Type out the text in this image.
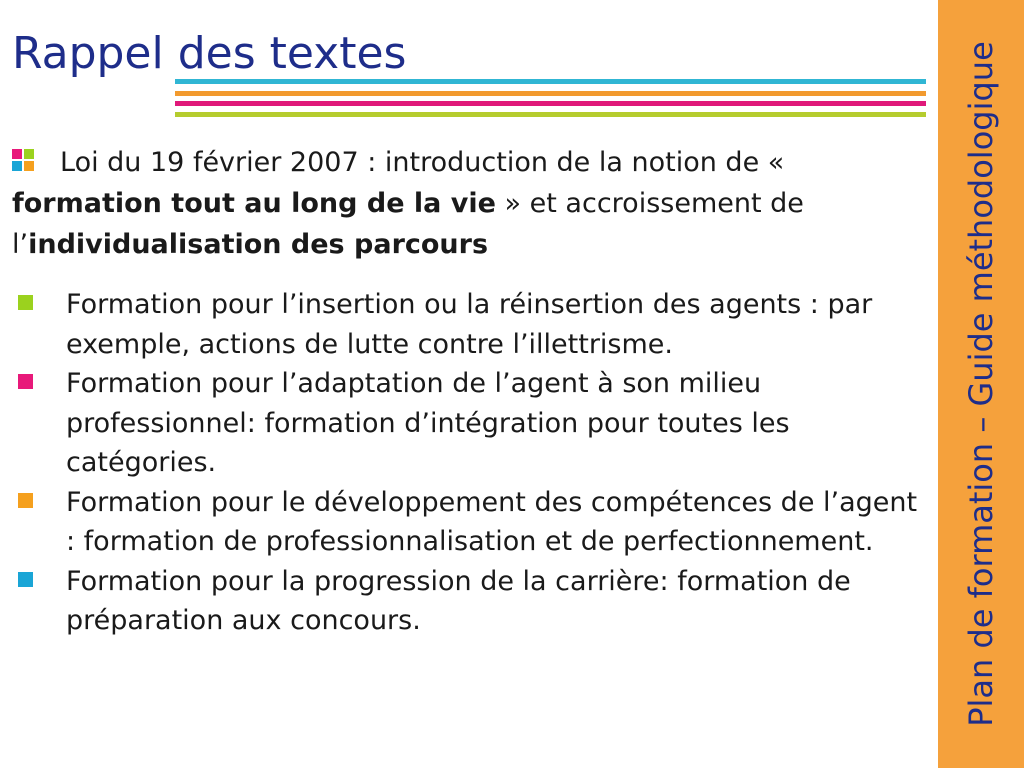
Rappel des textes

Loi du 19 février 2007 : introduction de la notion de « formation tout au long de la vie » et accroissement de l’individualisation des parcours

Formation pour l’insertion ou la réinsertion des agents : par exemple, actions de lutte contre l’illettrisme.
Formation pour l’adaptation de l’agent à son milieu professionnel: formation d’intégration pour toutes les catégories.
Formation pour le développement des compétences de l’agent : formation de professionnalisation et de perfectionnement.
Formation pour la progression de la carrière: formation de préparation aux concours.	Plan de formation – Guide méthodologique
